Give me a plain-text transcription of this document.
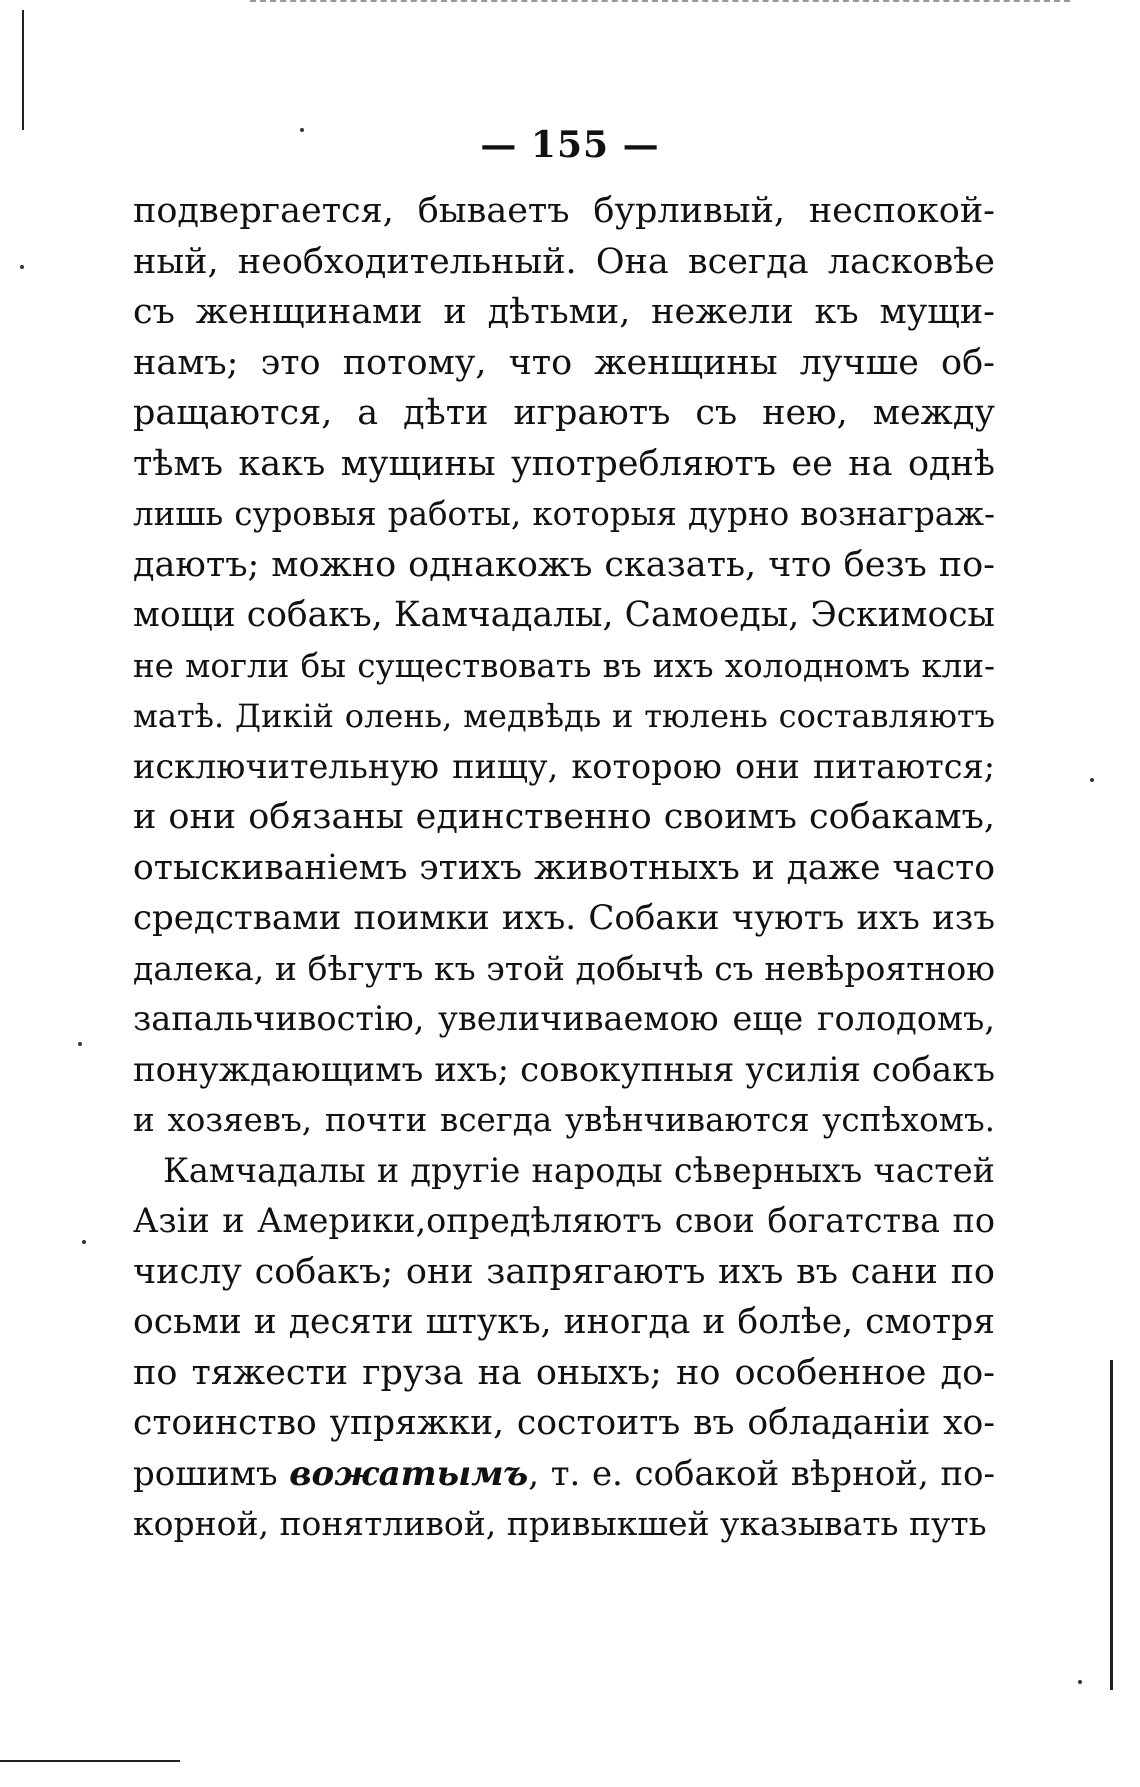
— 155 —
подвергается, бываетъ бурливый, неспокой-
ный, необходительный. Она всегда ласковѣе
съ женщинами и дѣтьми, нежели къ мущи-
намъ; это потому, что женщины лучше об-
ращаются, а дѣти играютъ съ нею, между
тѣмъ какъ мущины употребляютъ ее на однѣ
лишь суровыя работы, которыя дурно вознаграж-
даютъ; можно однакожъ сказать, что безъ по-
мощи собакъ, Камчадалы, Самоеды, Эскимосы
не могли бы существовать въ ихъ холодномъ кли-
матѣ. Дикій олень, медвѣдь и тюлень составляютъ
исключительную пищу, которою они питаются;
и они обязаны единственно своимъ собакамъ,
отыскиваніемъ этихъ животныхъ и даже часто
средствами поимки ихъ. Собаки чуютъ ихъ изъ
далека, и бѣгутъ къ этой добычѣ съ невѣроятною
запальчивостію, увеличиваемою еще голодомъ,
понуждающимъ ихъ; совокупныя усилія собакъ
и хозяевъ, почти всегда увѣнчиваются успѣхомъ.
Камчадалы и другіе народы сѣверныхъ частей
Азіи и Америки,опредѣляютъ свои богатства по
числу собакъ; они запрягаютъ ихъ въ сани по
осьми и десяти штукъ, иногда и болѣе, смотря
по тяжести груза на оныхъ; но особенное до-
стоинство упряжки, состоитъ въ обладаніи хо-
рошимъ вожатымъ, т. е. собакой вѣрной, по-
корной, понятливой, привыкшей указывать путь
